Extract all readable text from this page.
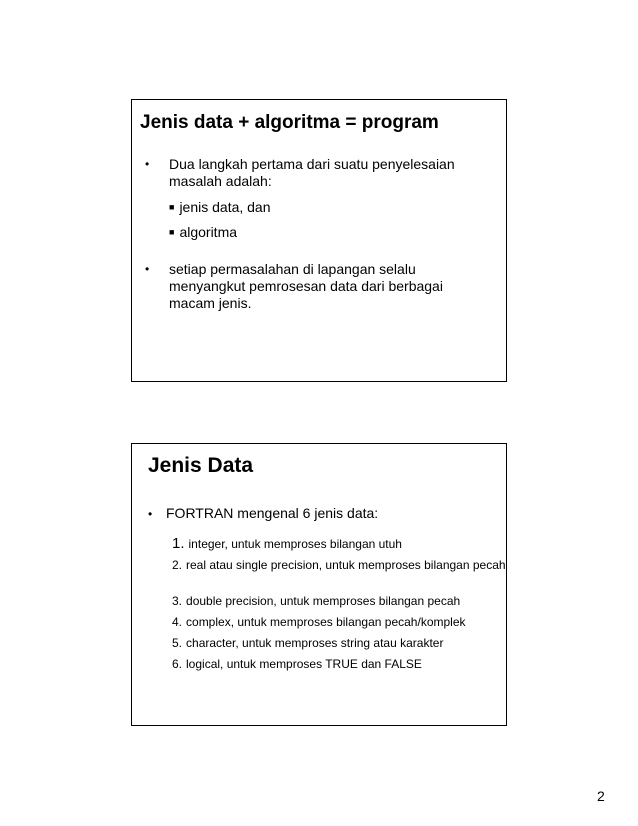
Jenis data + algoritma = program
• Dua langkah pertama dari suatu penyelesaian masalah adalah:
■ jenis data, dan
■ algoritma
• setiap permasalahan di lapangan selalu menyangkut pemrosesan data dari berbagai macam jenis.
Jenis Data
• FORTRAN mengenal 6 jenis data:
1. integer, untuk memproses bilangan utuh
2. real atau single precision, untuk memproses bilangan pecah
3. double precision, untuk memproses bilangan pecah
4. complex, untuk memproses bilangan pecah/komplek
5. character, untuk memproses string atau karakter
6. logical, untuk memproses TRUE dan FALSE
2
